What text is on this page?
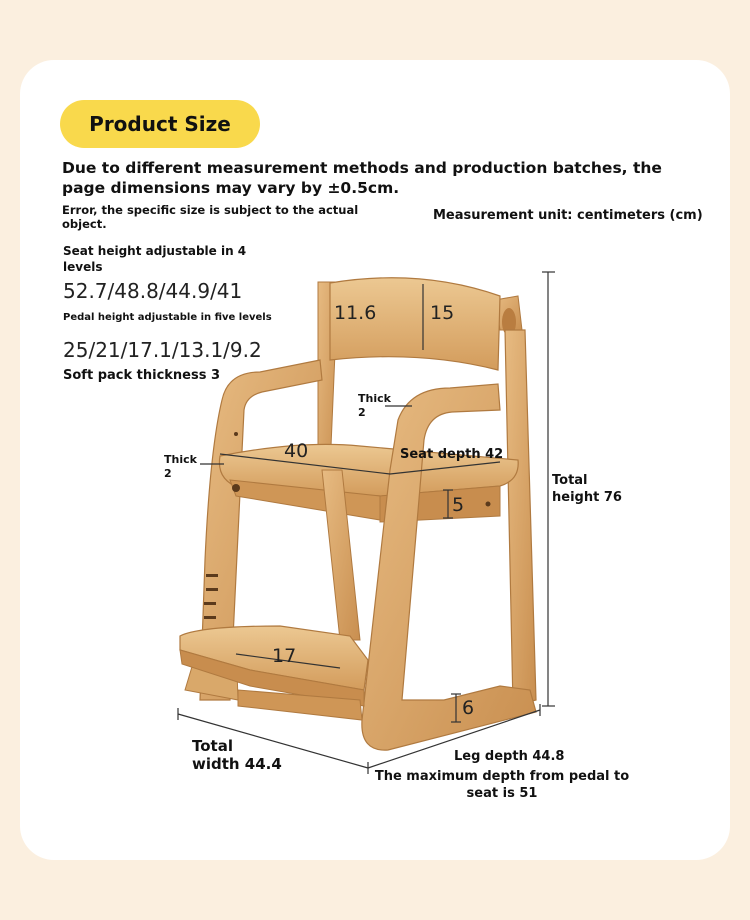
Product Size
Due to different measurement methods and production batches, the page dimensions may vary by ±0.5cm.
Error, the specific size is subject to the actual object.
Measurement unit: centimeters (cm)
Seat height adjustable in 4 levels
52.7/48.8/44.9/41
Pedal height adjustable in five levels
25/21/17.1/13.1/9.2
Soft pack thickness 3
11.6	15
40
Thick
2
Thick
2
Seat depth 42
5
17
6
Total
height 76
Total
width 44.4	Leg depth 44.8
The maximum depth from pedal to
seat is 51
